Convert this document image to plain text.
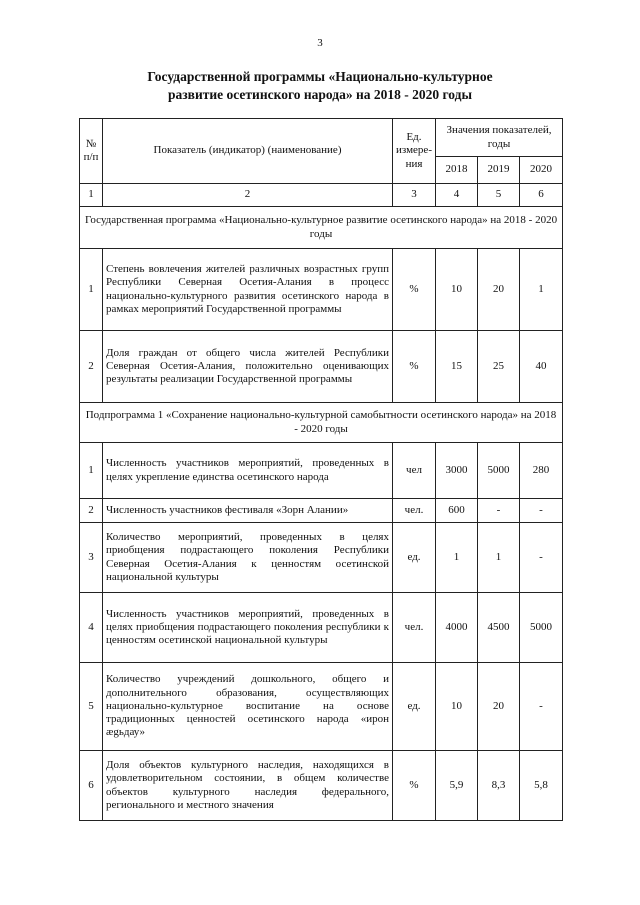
3
Государственной программы «Национально-культурное
развитие осетинского народа» на 2018 - 2020 годы
№ п/п	Показатель (индикатор) (наименование)	Ед. измере-ния	Значения показателей, годы		
			2018	2019	2020
1	2	3	4	5	6
Государственная программа «Национально-культурное развитие осетинского народа» на 2018 - 2020 годы					
1	Степень вовлечения жителей различных возрастных групп Республики Северная Осетия-Алания в процесс национально-культурного развития осетинского народа в рамках мероприятий Государственной программы	%	10	20	1
2	Доля граждан от общего числа жителей Республики Северная Осетия-Алания, положительно оценивающих результаты реализации Государственной программы	%	15	25	40
Подпрограмма 1 «Сохранение национально-культурной самобытности осетинского народа» на 2018 - 2020 годы					
1	Численность участников мероприятий, проведенных в целях укрепление единства осетинского народа	чел	3000	5000	280
2	Численность участников фестиваля «Зорн Алании»	чел.	600	-	-
3	Количество мероприятий, проведенных в целях приобщения подрастающего поколения Республики Северная Осетия-Алания к ценностям осетинской национальной культуры	ед.	1	1	-
4	Численность участников мероприятий, проведенных в целях приобщения подрастающего поколения республики к ценностям осетинской национальной культуры	чел.	4000	4500	5000
5	Количество учреждений дошкольного, общего и дополнительного образования, осуществляющих национально-культурное воспитание на основе традиционных ценностей осетинского народа «ирон ægьдау»	ед.	10	20	-
6	Доля объектов культурного наследия, находящихся в удовлетворительном состоянии, в общем количестве объектов культурного наследия федерального, регионального и местного значения	%	5,9	8,3	5,8
